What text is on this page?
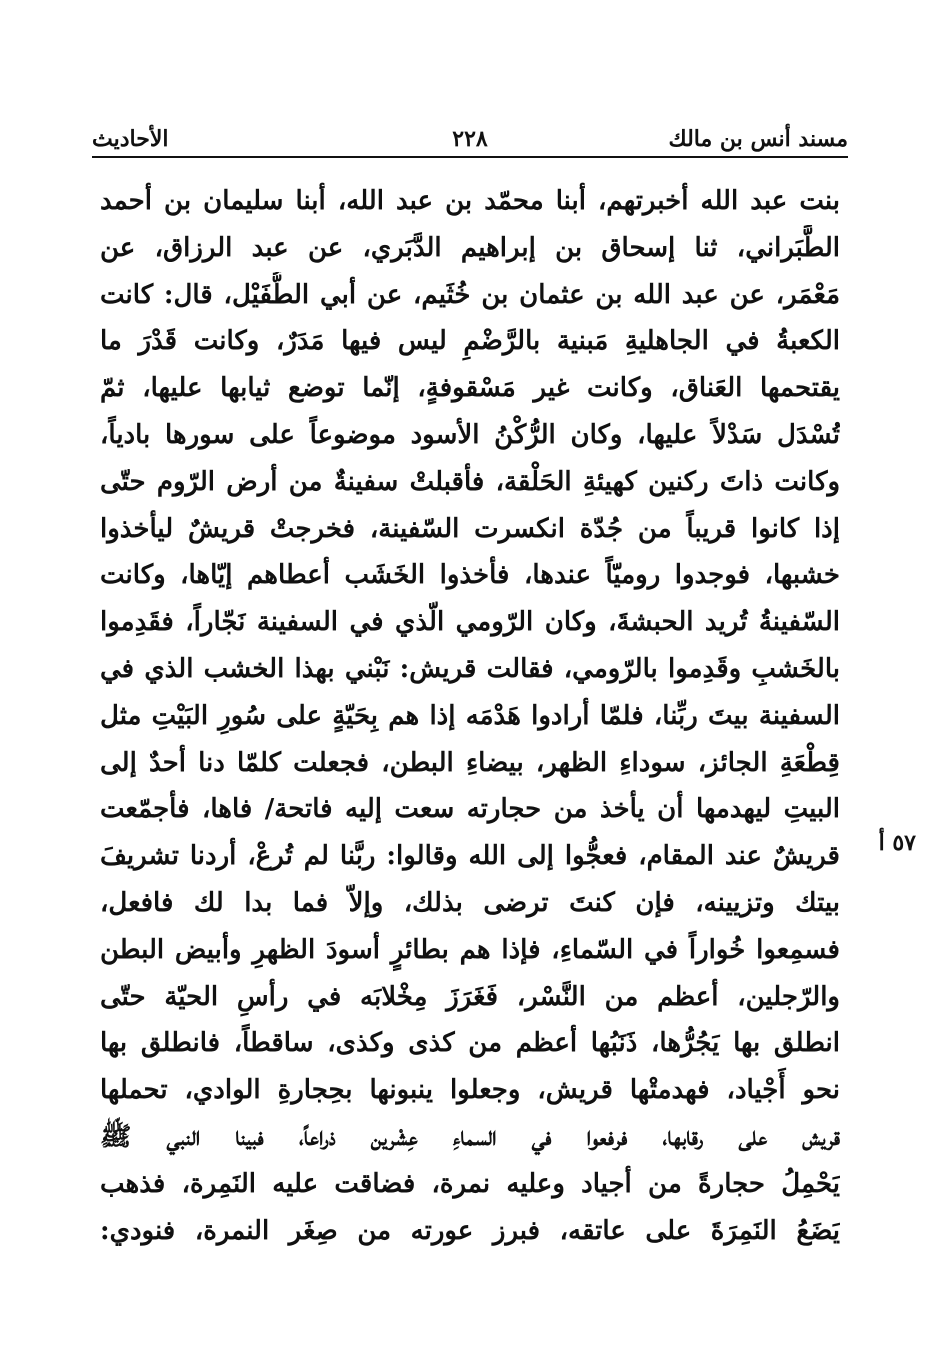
مسند أنس بن مالك
٢٢٨
الأحاديث
بنت عبد الله أخبرتهم، أبنا محمّد بن عبد الله، أبنا سليمان بن أحمد
الطَّبَراني، ثنا إسحاق بن إبراهيم الدَّبَري، عن عبد الرزاق، عن
مَعْمَر، عن عبد الله بن عثمان بن خُثَيم، عن أبي الطُّفَيْل، قال: كانت
الكعبةُ في الجاهليةِ مَبنية بالرَّضْمِ ليس فيها مَدَرٌ، وكانت قَدْرَ ما
يقتحمها العَناق، وكانت غير مَسْقوفةٍ، إنّما توضع ثيابها عليها، ثمّ
تُسْدَل سَدْلاً عليها، وكان الرُّكْنُ الأسود موضوعاً على سورها بادياً،
وكانت ذاتَ ركنين كهيئةِ الحَلْقة، فأقبلتْ سفينةٌ من أرض الرّوم حتّى
إذا كانوا قريباً من جُدّة انكسرت السّفينة، فخرجتْ قريشٌ ليأخذوا
خشبها، فوجدوا روميّاً عندها، فأخذوا الخَشَب أعطاهم إيّاها، وكانت
السّفينةُ تُريد الحبشةَ، وكان الرّومي الّذي في السفينة نَجّاراً، فقَدِموا
بالخَشبِ وقَدِموا بالرّومي، فقالت قريش: نَبْني بهذا الخشب الذي في
السفينة بيتَ ربِّنا، فلمّا أرادوا هَدْمَه إذا هم بِحَيّةٍ على سُورِ البَيْتِ مثل
قِطْعَةِ الجائز، سوداءِ الظهر، بيضاءِ البطن، فجعلت كلمّا دنا أحدٌ إلى
البيتِ ليهدمها أن يأخذ من حجارته سعت إليه فاتحة/ فاها، فأجمّعت
قريشٌ عند المقام، فعجُّوا إلى الله وقالوا: ربَّنا لم تُرعْ، أردنا تشريفَ
بيتك وتزيينه، فإن كنتَ ترضى بذلك، وإلاّ فما بدا لك فافعل،
فسمِعوا خُواراً في السّماءِ، فإذا هم بطائرٍ أسودَ الظهرِ وأبيض البطن
والرّجلين، أعظم من النَّسْر، فَغَرَزَ مِخْلابَه في رأسِ الحيّة حتّى
انطلق بها يَجُرُّها، ذَنَبُها أعظم من كذى وكذى، ساقطاً، فانطلق بها
نحو أَجْياد، فهدمتْها قريش، وجعلوا ينبونها بحِجارةِ الوادي، تحملها
قريش على رقابها، فرفعوا في السماءِ عِشْرين ذراعاً، فبينا النبي ﷺ
يَحْمِلُ حجارةً من أجياد وعليه نمرة، فضاقت عليه النَمِرة، فذهب
يَضَعُ النَمِرَةَ على عاتقه، فبرز عورته من صِغَر النمرة، فنودي:
٥٧ أ
